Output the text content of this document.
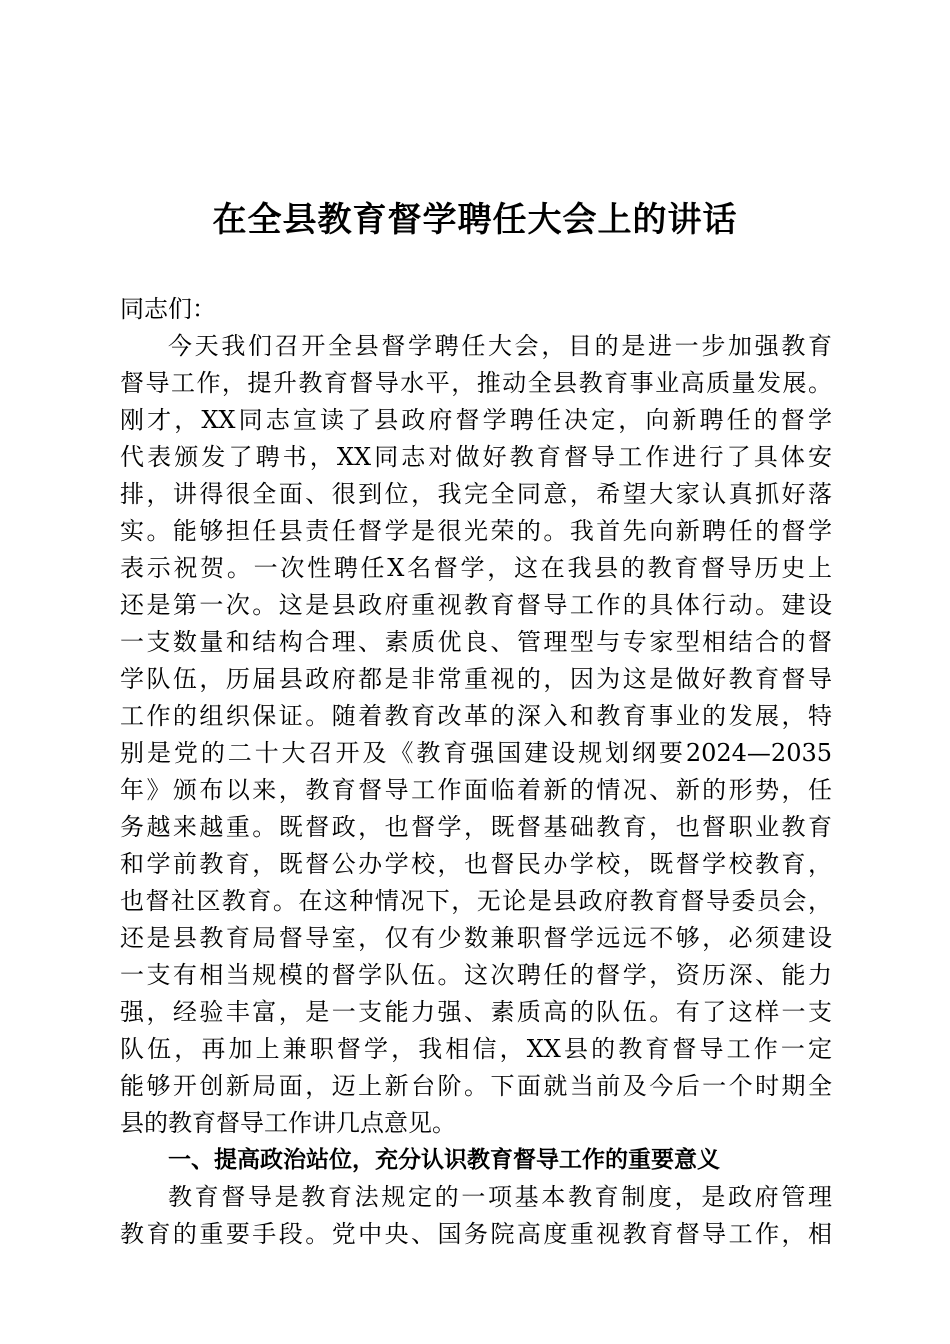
在全县教育督学聘任大会上的讲话
同志们：
今天我们召开全县督学聘任大会，目的是进一步加强教育
督导工作，提升教育督导水平，推动全县教育事业高质量发展。
刚才，XX同志宣读了县政府督学聘任决定，向新聘任的督学
代表颁发了聘书，XX同志对做好教育督导工作进行了具体安
排，讲得很全面、很到位，我完全同意，希望大家认真抓好落
实。能够担任县责任督学是很光荣的。我首先向新聘任的督学
表示祝贺。一次性聘任X名督学，这在我县的教育督导历史上
还是第一次。这是县政府重视教育督导工作的具体行动。建设
一支数量和结构合理、素质优良、管理型与专家型相结合的督
学队伍，历届县政府都是非常重视的，因为这是做好教育督导
工作的组织保证。随着教育改革的深入和教育事业的发展，特
别是党的二十大召开及《教育强国建设规划纲要2024—2035
年》颁布以来，教育督导工作面临着新的情况、新的形势，任
务越来越重。既督政，也督学，既督基础教育，也督职业教育
和学前教育，既督公办学校，也督民办学校，既督学校教育，
也督社区教育。在这种情况下，无论是县政府教育督导委员会，
还是县教育局督导室，仅有少数兼职督学远远不够，必须建设
一支有相当规模的督学队伍。这次聘任的督学，资历深、能力
强，经验丰富，是一支能力强、素质高的队伍。有了这样一支
队伍，再加上兼职督学，我相信，XX县的教育督导工作一定
能够开创新局面，迈上新台阶。下面就当前及今后一个时期全
县的教育督导工作讲几点意见。
一、提高政治站位，充分认识教育督导工作的重要意义
教育督导是教育法规定的一项基本教育制度，是政府管理
教育的重要手段。党中央、国务院高度重视教育督导工作，相
